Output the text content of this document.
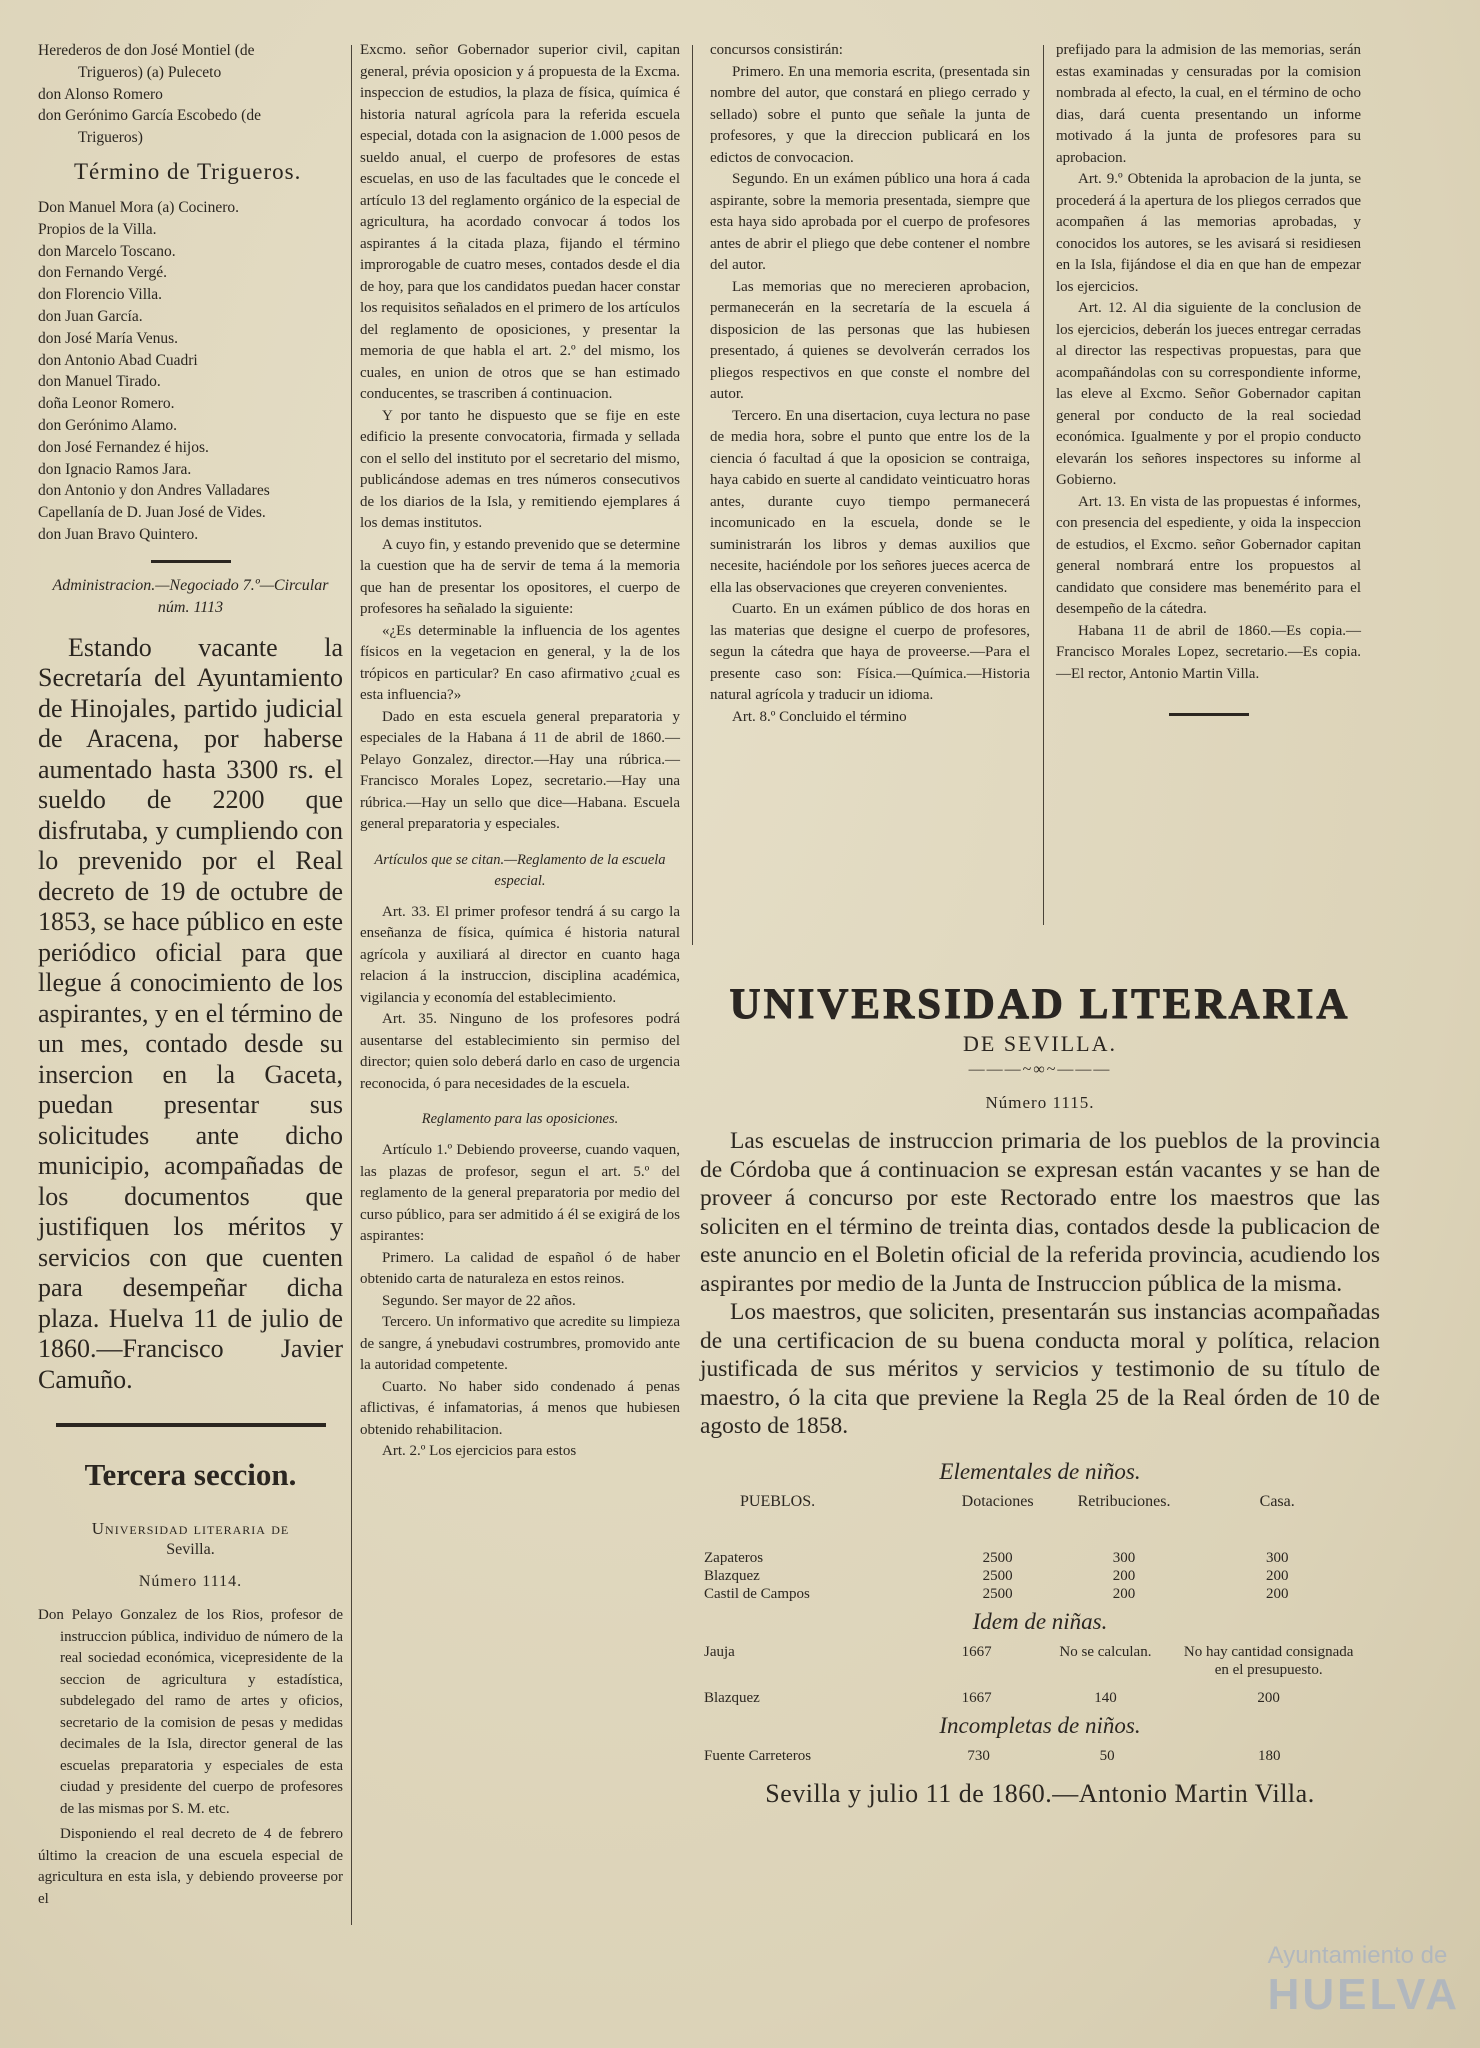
Herederos de don José Montiel (de

Trigueros) (a) Puleceto

don Alonso Romero

don Gerónimo García Escobedo (de

Trigueros)

Término de Trigueros.

Don Manuel Mora (a) Cocinero.

Propios de la Villa.

don Marcelo Toscano.

don Fernando Vergé.

don Florencio Villa.

don Juan García.

don José María Venus.

don Antonio Abad Cuadri

don Manuel Tirado.

doña Leonor Romero.

don Gerónimo Alamo.

don José Fernandez é hijos.

don Ignacio Ramos Jara.

don Antonio y don Andres Valladares

Capellanía de D. Juan José de Vides.

don Juan Bravo Quintero.

Administracion.—Negociado 7.º—Circular núm. 1113

Estando vacante la Secretaría del Ayuntamiento de Hinojales, partido judicial de Aracena, por haberse aumentado hasta 3300 rs. el sueldo de 2200 que disfrutaba, y cumpliendo con lo prevenido por el Real decreto de 19 de octubre de 1853, se hace público en este periódico oficial para que llegue á conocimiento de los aspirantes, y en el término de un mes, contado desde su insercion en la Gaceta, puedan presentar sus solicitudes ante dicho municipio, acompañadas de los documentos que justifiquen los méritos y servicios con que cuenten para desempeñar dicha plaza. Huelva 11 de julio de 1860.—Francisco Javier Camuño.

Tercera seccion.

Universidad literaria de

Sevilla.

Número 1114.

Don Pelayo Gonzalez de los Rios, profesor de instruccion pública, individuo de número de la real sociedad económica, vicepresidente de la seccion de agricultura y estadística, subdelegado del ramo de artes y oficios, secretario de la comision de pesas y medidas decimales de la Isla, director general de las escuelas preparatoria y especiales de esta ciudad y presidente del cuerpo de profesores de las mismas por S. M. etc.

Disponiendo el real decreto de 4 de febrero último la creacion de una escuela especial de agricultura en esta isla, y debiendo proveerse por el

Excmo. señor Gobernador superior civil, capitan general, prévia oposicion y á propuesta de la Excma. inspeccion de estudios, la plaza de física, química é historia natural agrícola para la referida escuela especial, dotada con la asignacion de 1.000 pesos de sueldo anual, el cuerpo de profesores de estas escuelas, en uso de las facultades que le concede el artículo 13 del reglamento orgánico de la especial de agricultura, ha acordado convocar á todos los aspirantes á la citada plaza, fijando el término improrogable de cuatro meses, contados desde el dia de hoy, para que los candidatos puedan hacer constar los requisitos señalados en el primero de los artículos del reglamento de oposiciones, y presentar la memoria de que habla el art. 2.º del mismo, los cuales, en union de otros que se han estimado conducentes, se trascriben á continuacion.

Y por tanto he dispuesto que se fije en este edificio la presente convocatoria, firmada y sellada con el sello del instituto por el secretario del mismo, publicándose ademas en tres números consecutivos de los diarios de la Isla, y remitiendo ejemplares á los demas institutos.

A cuyo fin, y estando prevenido que se determine la cuestion que ha de servir de tema á la memoria que han de presentar los opositores, el cuerpo de profesores ha señalado la siguiente:

«¿Es determinable la influencia de los agentes físicos en la vegetacion en general, y la de los trópicos en particular? En caso afirmativo ¿cual es esta influencia?»

Dado en esta escuela general preparatoria y especiales de la Habana á 11 de abril de 1860.—Pelayo Gonzalez, director.—Hay una rúbrica.—Francisco Morales Lopez, secretario.—Hay una rúbrica.—Hay un sello que dice—Habana. Escuela general preparatoria y especiales.

Artículos que se citan.—Reglamento de la escuela especial.

Art. 33. El primer profesor tendrá á su cargo la enseñanza de física, química é historia natural agrícola y auxiliará al director en cuanto haga relacion á la instruccion, disciplina académica, vigilancia y economía del establecimiento.

Art. 35. Ninguno de los profesores podrá ausentarse del establecimiento sin permiso del director; quien solo deberá darlo en caso de urgencia reconocida, ó para necesidades de la escuela.

Reglamento para las oposiciones.

Artículo 1.º Debiendo proveerse, cuando vaquen, las plazas de profesor, segun el art. 5.º del reglamento de la general preparatoria por medio del curso público, para ser admitido á él se exigirá de los aspirantes:

Primero. La calidad de español ó de haber obtenido carta de naturaleza en estos reinos.

Segundo. Ser mayor de 22 años.

Tercero. Un informativo que acredite su limpieza de sangre, á ynebudavi costrumbres, promovido ante la autoridad competente.

Cuarto. No haber sido condenado á penas aflictivas, é infamatorias, á menos que hubiesen obtenido rehabilitacion.

Art. 2.º Los ejercicios para estos

concursos consistirán:

Primero. En una memoria escrita, (presentada sin nombre del autor, que constará en pliego cerrado y sellado) sobre el punto que señale la junta de profesores, y que la direccion publicará en los edictos de convocacion.

Segundo. En un exámen público una hora á cada aspirante, sobre la memoria presentada, siempre que esta haya sido aprobada por el cuerpo de profesores antes de abrir el pliego que debe contener el nombre del autor.

Las memorias que no merecieren aprobacion, permanecerán en la secretaría de la escuela á disposicion de las personas que las hubiesen presentado, á quienes se devolverán cerrados los pliegos respectivos en que conste el nombre del autor.

Tercero. En una disertacion, cuya lectura no pase de media hora, sobre el punto que entre los de la ciencia ó facultad á que la oposicion se contraiga, haya cabido en suerte al candidato veinticuatro horas antes, durante cuyo tiempo permanecerá incomunicado en la escuela, donde se le suministrarán los libros y demas auxilios que necesite, haciéndole por los señores jueces acerca de ella las observaciones que creyeren convenientes.

Cuarto. En un exámen público de dos horas en las materias que designe el cuerpo de profesores, segun la cátedra que haya de proveerse.—Para el presente caso son: Física.—Química.—Historia natural agrícola y traducir un idioma.

Art. 8.º Concluido el término

prefijado para la admision de las memorias, serán estas examinadas y censuradas por la comision nombrada al efecto, la cual, en el término de ocho dias, dará cuenta presentando un informe motivado á la junta de profesores para su aprobacion.

Art. 9.º Obtenida la aprobacion de la junta, se procederá á la apertura de los pliegos cerrados que acompañen á las memorias aprobadas, y conocidos los autores, se les avisará si residiesen en la Isla, fijándose el dia en que han de empezar los ejercicios.

Art. 12. Al dia siguiente de la conclusion de los ejercicios, deberán los jueces entregar cerradas al director las respectivas propuestas, para que acompañándolas con su correspondiente informe, las eleve al Excmo. Señor Gobernador capitan general por conducto de la real sociedad económica. Igualmente y por el propio conducto elevarán los señores inspectores su informe al Gobierno.

Art. 13. En vista de las propuestas é informes, con presencia del espediente, y oida la inspeccion de estudios, el Excmo. señor Gobernador capitan general nombrará entre los propuestos al candidato que considere mas benemérito para el desempeño de la cátedra.

Habana 11 de abril de 1860.—Es copia.—Francisco Morales Lopez, secretario.—Es copia.—El rector, Antonio Martin Villa.

UNIVERSIDAD LITERARIA
DE SEVILLA.
———~∞~———

Número 1115.

Las escuelas de instruccion primaria de los pueblos de la provincia de Córdoba que á continuacion se expresan están vacantes y se han de proveer á concurso por este Rectorado entre los maestros que las soliciten en el término de treinta dias, contados desde la publicacion de este anuncio en el Boletin oficial de la referida provincia, acudiendo los aspirantes por medio de la Junta de Instruccion pública de la misma.

Los maestros, que soliciten, presentarán sus instancias acompañadas de una certificacion de su buena conducta moral y política, relacion justificada de sus méritos y servicios y testimonio de su título de maestro, ó la cita que previene la Regla 25 de la Real órden de 10 de agosto de 1858.

Elementales de niños.

PUEBLOS.	Dotaciones	Retribuciones.	Casa.

Zapateros	2500	300	300
Blazquez	2500	200	200
Castil de Campos	2500	200	200

Idem de niñas.

Jauja	1667	No se calculan.	No hay cantidad consignada en el presupuesto.

Blazquez	1667	140	200

Incompletas de niños.

Fuente Carreteros	730	50	180

Sevilla y julio 11 de 1860.—Antonio Martin Villa.

Ayuntamiento de
HUELVA
